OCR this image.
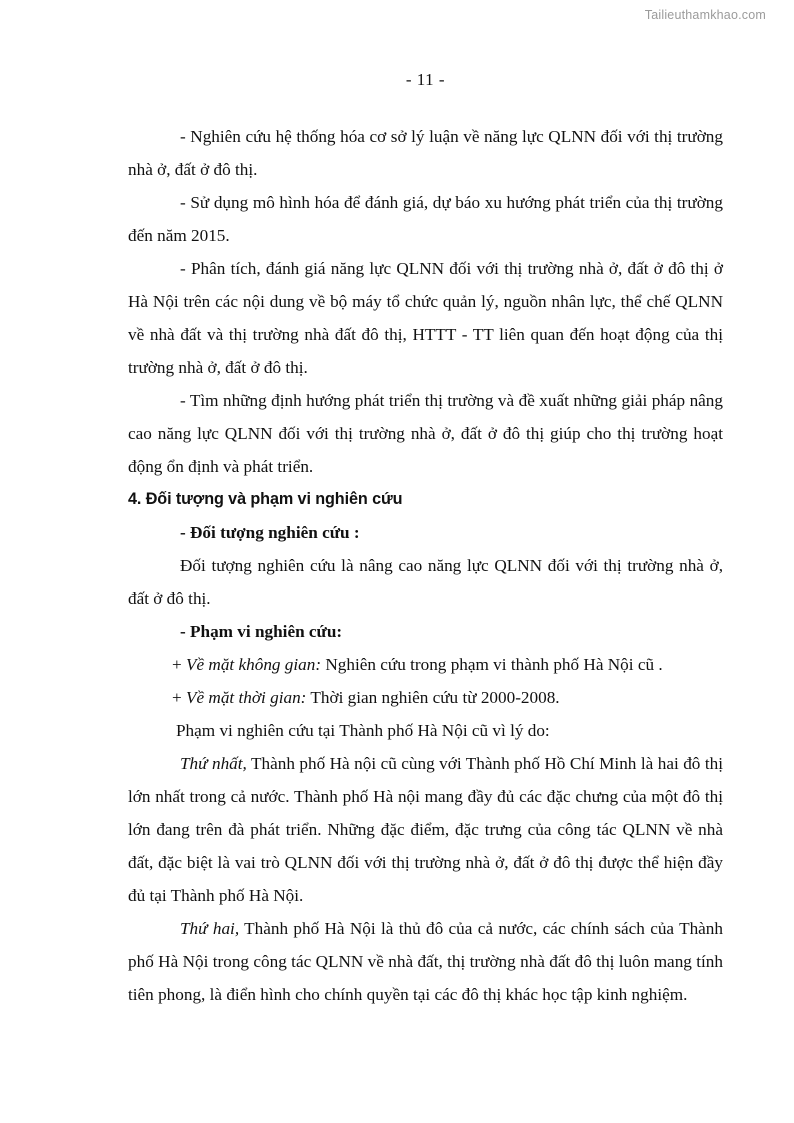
Tailieuthamkhao.com
- 11 -

- Nghiên cứu hệ thống hóa cơ sở lý luận về năng lực QLNN đối với thị trường nhà ở, đất ở đô thị.

- Sử dụng mô hình hóa để đánh giá, dự báo xu hướng phát triển của thị trường đến năm 2015.

- Phân tích, đánh giá năng lực QLNN đối với thị trường nhà ở, đất ở đô thị ở Hà Nội trên các nội dung về bộ máy tổ chức quản lý, nguồn nhân lực, thể chế QLNN về nhà đất và thị trường nhà đất đô thị, HTTT - TT liên quan đến hoạt động của thị trường nhà ở, đất ở đô thị.

- Tìm những định hướng phát triển thị trường và đề xuất những giải pháp nâng cao năng lực QLNN đối với thị trường nhà ở, đất ở đô thị giúp cho thị trường hoạt động ổn định và phát triển.

4. Đối tượng và phạm vi nghiên cứu

- Đối tượng nghiên cứu :

Đối tượng nghiên cứu là nâng cao năng lực QLNN đối với thị trường nhà ở, đất ở đô thị.

- Phạm vi nghiên cứu:

+ Về mặt không gian: Nghiên cứu trong phạm vi thành phố Hà Nội cũ .

+ Về mặt thời gian: Thời gian nghiên cứu từ 2000-2008.

Phạm vi nghiên cứu tại Thành phố Hà Nội cũ vì lý do:

Thứ nhất, Thành phố Hà nội cũ cùng với Thành phố Hồ Chí Minh là hai đô thị lớn nhất trong cả nước. Thành phố Hà nội mang đầy đủ các đặc chưng của một đô thị lớn đang trên đà phát triển. Những đặc điểm, đặc trưng của công tác QLNN về nhà đất, đặc biệt là vai trò QLNN đối với thị trường nhà ở, đất ở đô thị được thể hiện đầy đủ tại Thành phố Hà Nội.

Thứ hai, Thành phố Hà Nội là thủ đô của cả nước, các chính sách của Thành phố Hà Nội trong công tác QLNN về nhà đất, thị trường nhà đất đô thị luôn mang tính tiên phong, là điển hình cho chính quyền tại các đô thị khác học tập kinh nghiệm.
